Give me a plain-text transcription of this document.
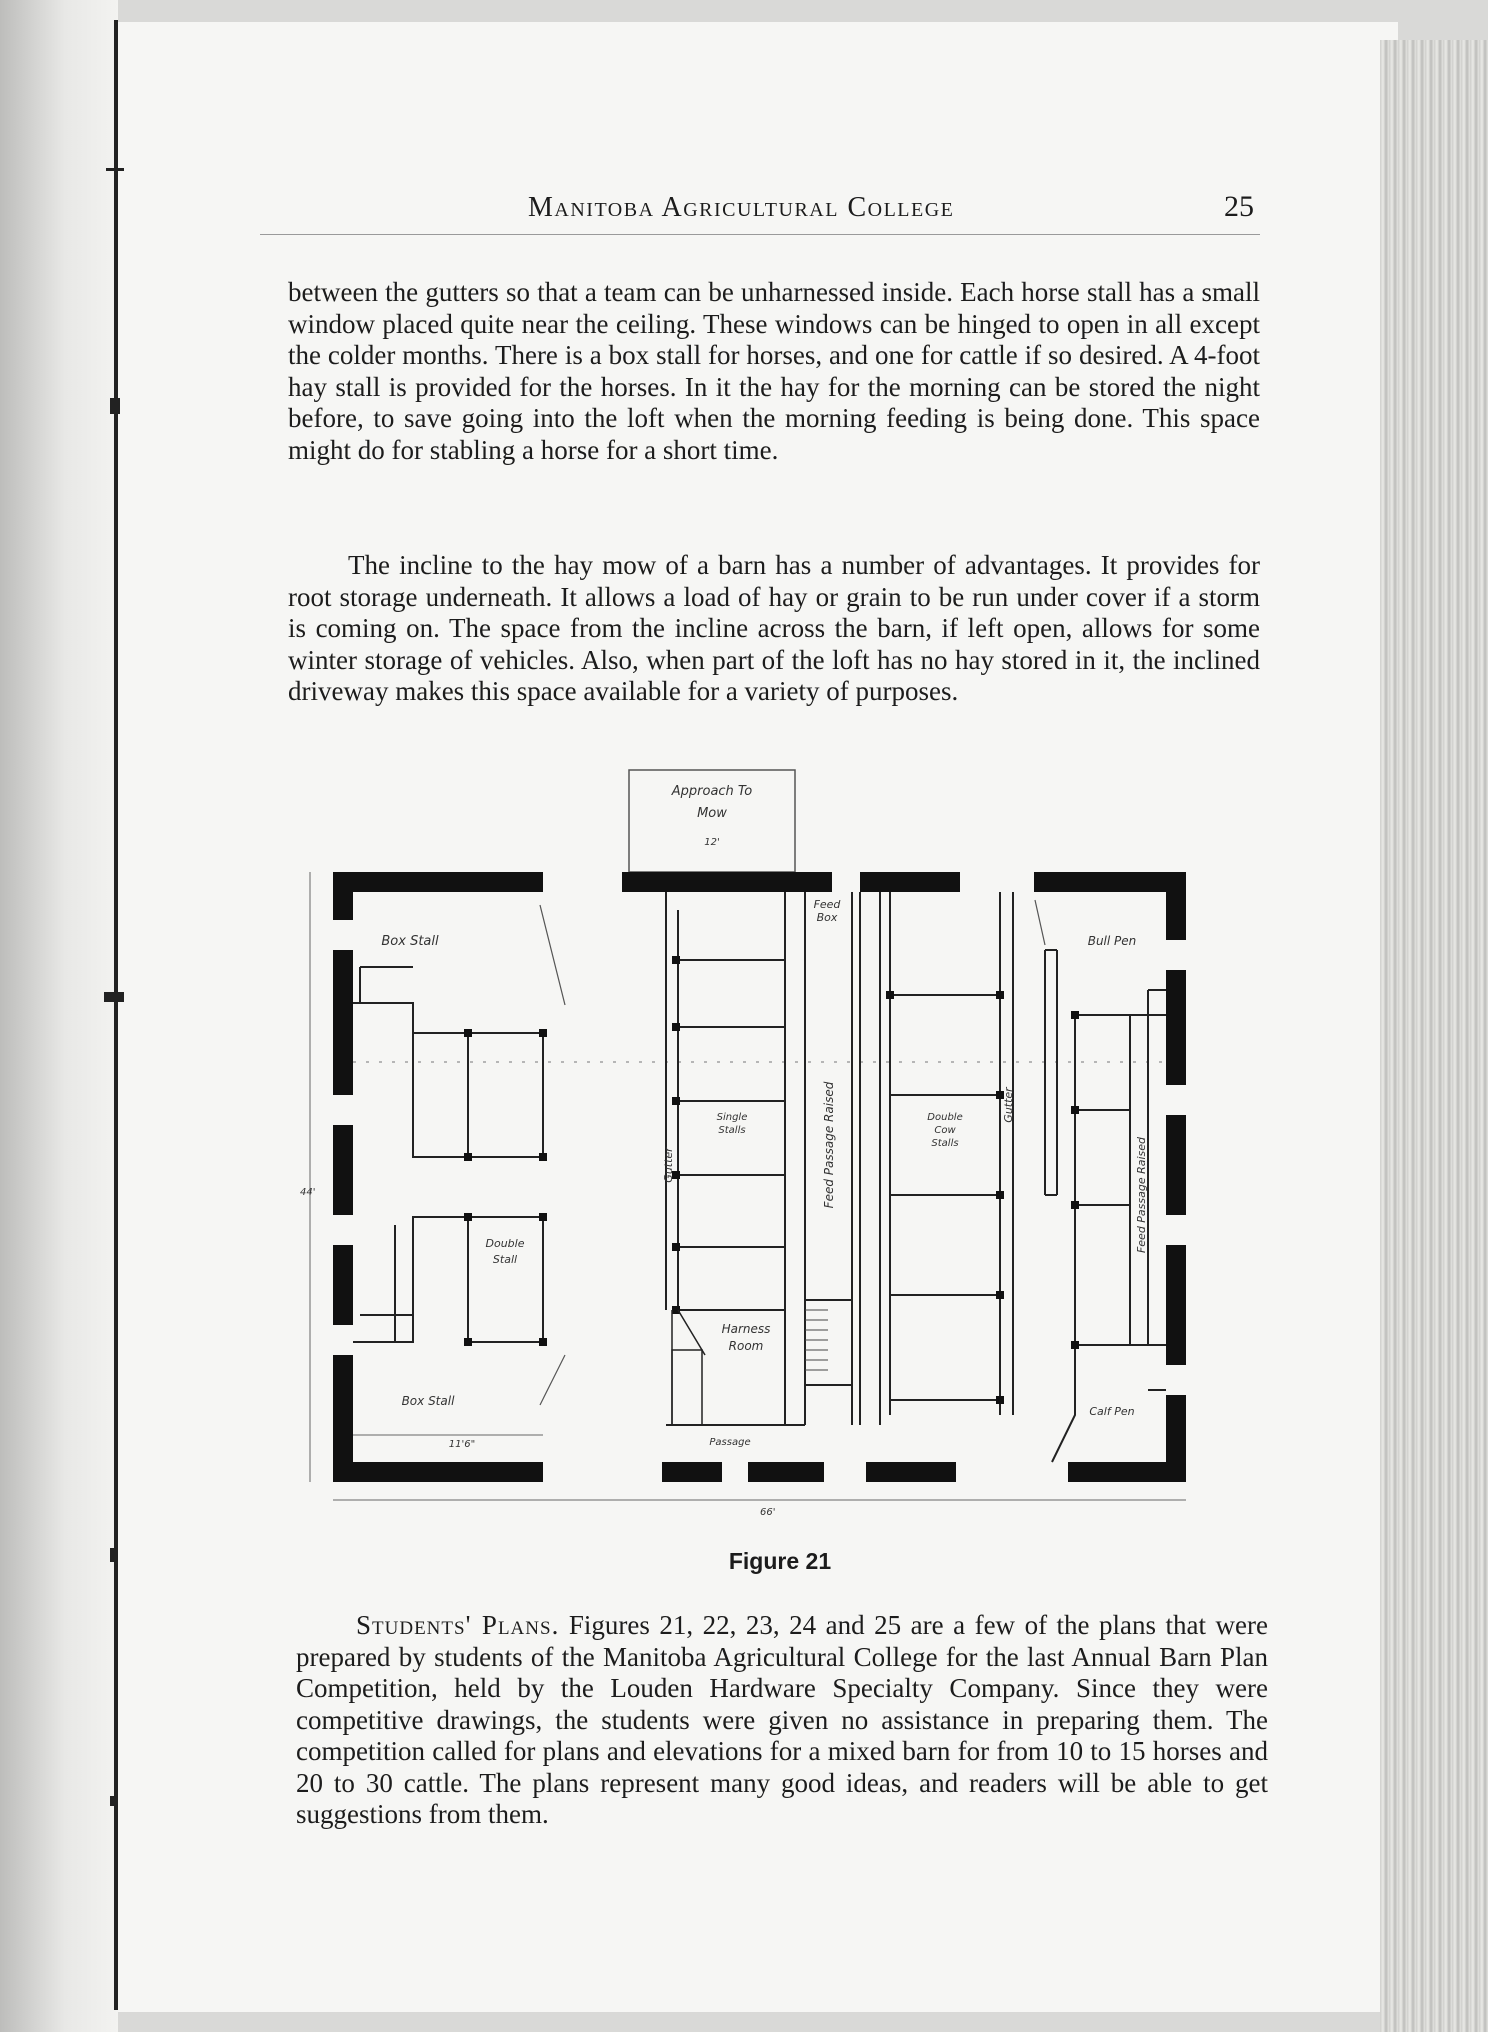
Manitoba Agricultural College	25

between the gutters so that a team can be unharnessed inside. Each horse stall has a small window placed quite near the ceiling. These windows can be hinged to open in all except the colder months. There is a box stall for horses, and one for cattle if so desired. A 4-foot hay stall is provided for the horses. In it the hay for the morning can be stored the night before, to save going into the loft when the morning feeding is being done. This space might do for stabling a horse for a short time.

The incline to the hay mow of a barn has a number of advantages. It provides for root storage underneath. It allows a load of hay or grain to be run under cover if a storm is coming on. The space from the incline across the barn, if left open, allows for some winter storage of vehicles. Also, when part of the loft has no hay stored in it, the inclined driveway makes this space available for a variety of purposes.

Approach To
Mow
12'
44'
66'
Box Stall
Double
Stall
Box Stall
11'6"
Single
Stalls
Harness
Room
Passage
Feed
Box
Feed Passage Raised
Gutter
Double
Cow
Stalls
Gutter
Bull Pen
Calf Pen
Feed Passage Raised
Figure 21

Students' Plans. Figures 21, 22, 23, 24 and 25 are a few of the plans that were prepared by students of the Manitoba Agricultural College for the last Annual Barn Plan Competition, held by the Louden Hardware Specialty Company. Since they were competitive drawings, the students were given no assistance in preparing them. The competition called for plans and elevations for a mixed barn for from 10 to 15 horses and 20 to 30 cattle. The plans represent many good ideas, and readers will be able to get suggestions from them.
